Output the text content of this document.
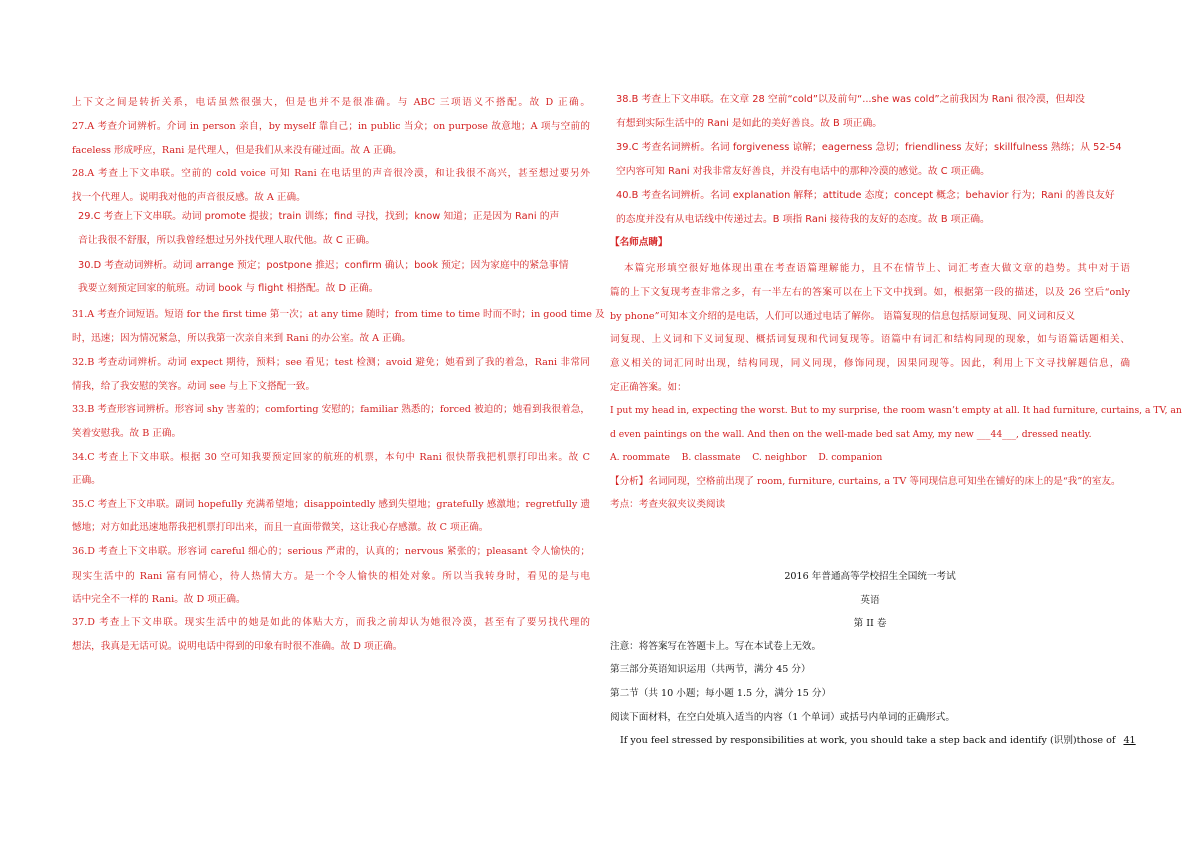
上下文之间是转折关系，电话虽然很强大，但是也并不是很准确。与 ABC 三项语义不搭配。故 D 正确。
27.A 考查介词辨析。介词 in person 亲自，by myself 靠自己；in public 当众；on purpose 故意地；A 项与空前的
faceless 形成呼应，Rani 是代理人，但是我们从来没有碰过面。故 A 正确。
28.A 考查上下文串联。空前的 cold voice 可知 Rani 在电话里的声音很冷漠，和让我很不高兴，甚至想过要另外
找一个代理人。说明我对他的声音很反感。故 A 正确。
29.C 考查上下文串联。动词 promote 提拔；train 训练；find 寻找，找到；know 知道；正是因为 Rani 的声
音让我很不舒服，所以我曾经想过另外找代理人取代他。故 C 正确。
30.D 考查动词辨析。动词 arrange 预定；postpone 推迟；confirm 确认；book 预定；因为家庭中的紧急事情
我要立刻预定回家的航班。动词 book 与 flight 相搭配。故 D 正确。
31.A 考查介词短语。短语 for the first time 第一次；at any time 随时；from time to time 时而不时；in good time 及
时，迅速；因为情况紧急，所以我第一次亲自来到 Rani 的办公室。故 A 正确。
32.B 考查动词辨析。动词 expect 期待，预料；see 看见；test 检测；avoid 避免；她看到了我的着急，Rani 非常同
情我，给了我安慰的笑容。动词 see 与上下文搭配一致。
33.B 考查形容词辨析。形容词 shy 害羞的；comforting 安慰的；familiar 熟悉的；forced 被迫的；她看到我很着急，
笑着安慰我。故 B 正确。
34.C 考查上下文串联。根据 30 空可知我要预定回家的航班的机票，本句中 Rani 很快帮我把机票打印出来。故 C
正确。
35.C 考查上下文串联。副词 hopefully 充满希望地；disappointedly 感到失望地；gratefully 感激地；regretfully 遗
憾地；对方如此迅速地帮我把机票打印出来，而且一直面带微笑，这让我心存感激。故 C 项正确。
36.D 考查上下文串联。形容词 careful 细心的；serious 严肃的，认真的；nervous 紧张的；pleasant 令人愉快的；
现实生活中的 Rani 富有同情心，待人热情大方。是一个令人愉快的相处对象。所以当我转身时，看见的是与电
话中完全不一样的 Rani。故 D 项正确。
37.D 考查上下文串联。现实生活中的她是如此的体贴大方，而我之前却认为她很冷漠，甚至有了要另找代理的
想法，我真是无话可说。说明电话中得到的印象有时很不准确。故 D 项正确。
38.B 考查上下文串联。在文章 28 空前“cold”以及前句“...she was cold”之前我因为 Rani 很冷漠，但却没
有想到实际生活中的 Rani 是如此的美好善良。故 B 项正确。
39.C 考查名词辨析。名词 forgiveness 谅解；eagerness 急切；friendliness 友好；skillfulness 熟练；从 52-54
空内容可知 Rani 对我非常友好善良，并没有电话中的那种冷漠的感觉。故 C 项正确。
40.B 考查名词辨析。名词 explanation 解释；attitude 态度；concept 概念；behavior 行为；Rani 的善良友好
的态度并没有从电话线中传递过去。B 项指 Rani 接待我的友好的态度。故 B 项正确。
【名师点睛】
本篇完形填空很好地体现出重在考查语篇理解能力，且不在情节上、词汇考查大做文章的趋势。其中对于语
篇的上下文复现考查非常之多，有一半左右的答案可以在上下文中找到。如，根据第一段的描述，以及 26 空后“only
by phone”可知本文介绍的是电话，人们可以通过电话了解你。 语篇复现的信息包括原词复现、同义词和反义
词复现、上义词和下义词复现、概括词复现和代词复现等。语篇中有词汇和结构同现的现象，如与语篇话题相关、
意义相关的词汇同时出现，结构同现，同义同现，修饰同现，因果同现等。因此，利用上下文寻找解题信息，确
定正确答案。如：
I put my head in, expecting the worst. But to my surprise, the room wasn’t empty at all. It had furniture, curtains, a TV, an
d even paintings on the wall. And then on the well-made bed sat Amy, my new ___44___, dressed neatly.
A. roommate    B. classmate    C. neighbor    D. companion
【分析】名词同现，空格前出现了 room, furniture, curtains, a TV 等同现信息可知坐在铺好的床上的是“我”的室友。
考点：考查夹叙夹议类阅读
2016 年普通高等学校招生全国统一考试
英语
第 II 卷
注意：将答案写在答题卡上。写在本试卷上无效。
第三部分英语知识运用（共两节，满分 45 分）
第二节（共 10 小题；每小题 1.5 分，满分 15 分）
阅读下面材料，在空白处填入适当的内容（1 个单词）或括号内单词的正确形式。
If you feel stressed by responsibilities at work, you should take a step back and identify (识别)those of 41
